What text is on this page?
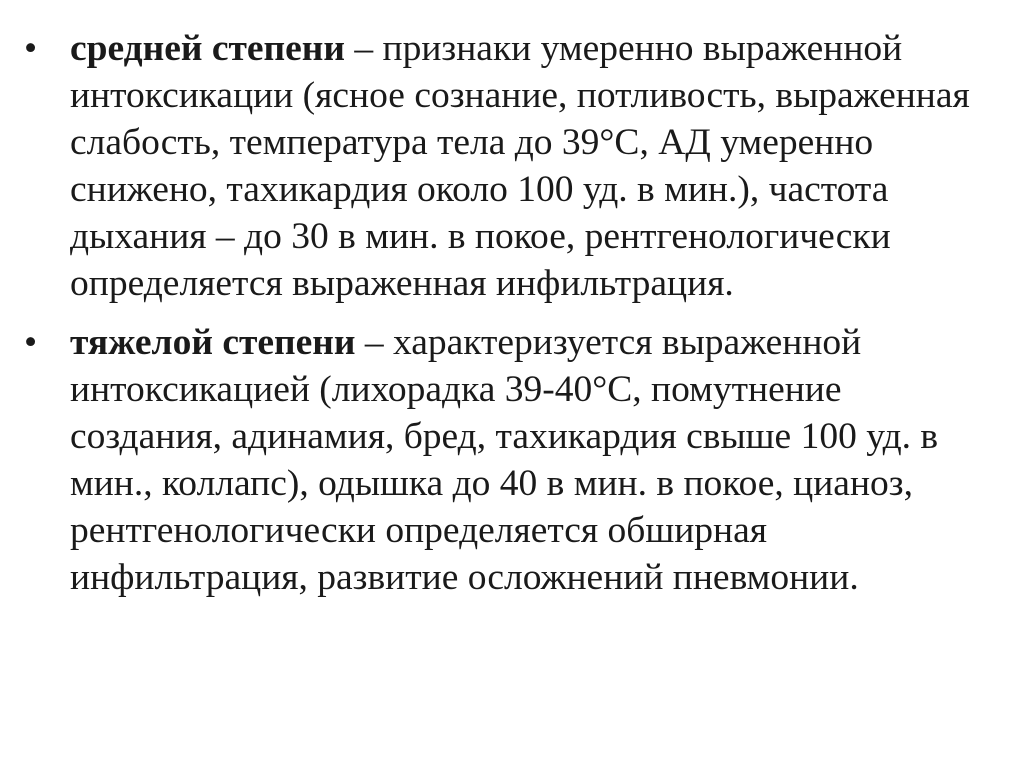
• средней степени – признаки умеренно выраженной интоксикации (ясное сознание, потливость, выраженная слабость, температура тела до 39°С, АД умеренно снижено, тахикардия около 100 уд. в мин.), частота дыхания – до 30 в мин. в покое, рентгенологически определяется выраженная инфильтрация.
• тяжелой степени – характеризуется выраженной интоксикацией (лихорадка 39-40°С, помутнение создания, адинамия, бред, тахикардия свыше 100 уд. в мин., коллапс), одышка до 40 в мин. в покое, цианоз, рентгенологически определяется обширная инфильтрация, развитие осложнений пневмонии.
